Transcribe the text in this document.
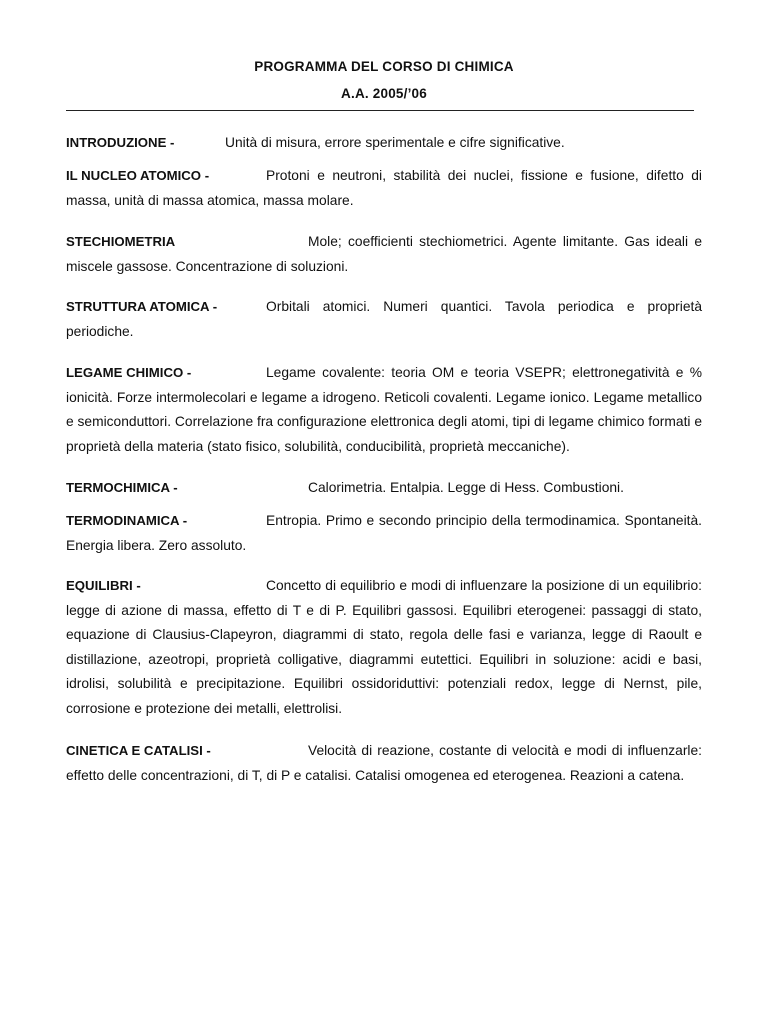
PROGRAMMA DEL CORSO DI CHIMICA
A.A. 2005/’06
INTRODUZIONE -	Unità di misura, errore sperimentale e cifre significative.
IL NUCLEO ATOMICO -	Protoni e neutroni, stabilità dei nuclei, fissione e fusione, difetto di massa, unità di massa atomica, massa molare.
STECHIOMETRIA	Mole; coefficienti stechiometrici. Agente limitante. Gas ideali e miscele gassose. Concentrazione di soluzioni.
STRUTTURA ATOMICA -	Orbitali atomici. Numeri quantici. Tavola periodica e proprietà periodiche.
LEGAME CHIMICO -	Legame covalente: teoria OM e teoria VSEPR; elettronegatività e % ionicità. Forze intermolecolari e legame a idrogeno. Reticoli covalenti. Legame ionico. Legame metallico e semiconduttori. Correlazione fra configurazione elettronica degli atomi, tipi di legame chimico formati e proprietà della materia (stato fisico, solubilità, conducibilità, proprietà meccaniche).
TERMOCHIMICA -	Calorimetria. Entalpia. Legge di Hess. Combustioni.
TERMODINAMICA -	Entropia. Primo e secondo principio della termodinamica. Spontaneità. Energia libera. Zero assoluto.
EQUILIBRI -	Concetto di equilibrio e modi di influenzare la posizione di un equilibrio: legge di azione di massa, effetto di T e di P. Equilibri gassosi. Equilibri eterogenei: passaggi di stato, equazione di Clausius-Clapeyron, diagrammi di stato, regola delle fasi e varianza, legge di Raoult e distillazione, azeotropi, proprietà colligative, diagrammi eutettici. Equilibri in soluzione: acidi e basi, idrolisi, solubilità e precipitazione. Equilibri ossidoriduttivi: potenziali redox, legge di Nernst, pile, corrosione e protezione dei metalli, elettrolisi.
CINETICA E CATALISI -	Velocità di reazione, costante di velocità e modi di influenzarle: effetto delle concentrazioni, di T, di P e catalisi. Catalisi omogenea ed eterogenea. Reazioni a catena.
